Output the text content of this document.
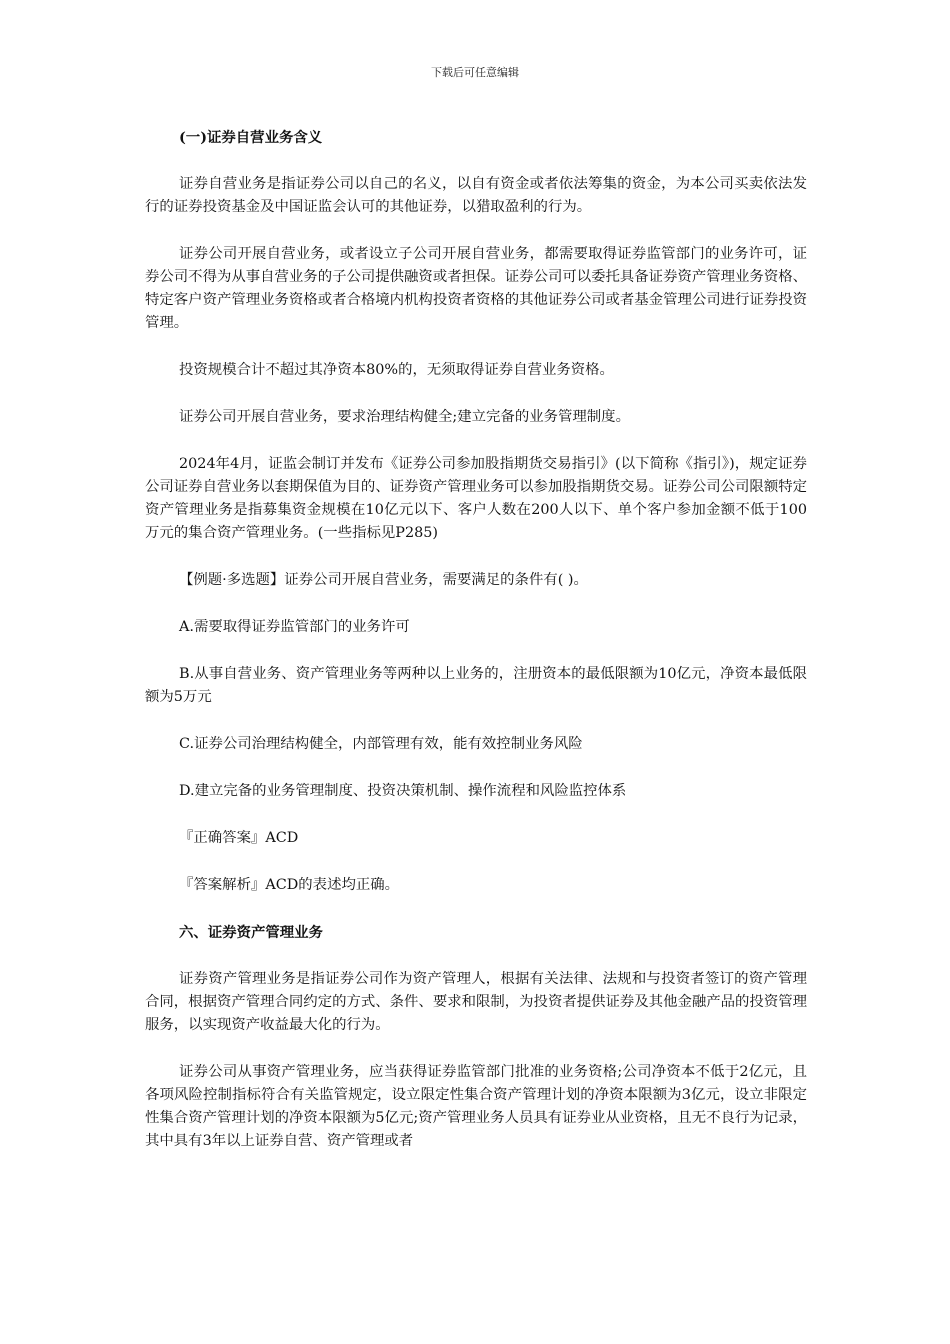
下载后可任意编辑
(一)证券自营业务含义

证券自营业务是指证券公司以自己的名义，以自有资金或者依法筹集的资金，为本公司买卖依法发行的证券投资基金及中国证监会认可的其他证券，以猎取盈利的行为。

证券公司开展自营业务，或者设立子公司开展自营业务，都需要取得证券监管部门的业务许可，证券公司不得为从事自营业务的子公司提供融资或者担保。证券公司可以委托具备证券资产管理业务资格、特定客户资产管理业务资格或者合格境内机构投资者资格的其他证券公司或者基金管理公司进行证券投资管理。

投资规模合计不超过其净资本80%的，无须取得证券自营业务资格。

证券公司开展自营业务，要求治理结构健全;建立完备的业务管理制度。

2024年4月，证监会制订并发布《证券公司参加股指期货交易指引》(以下简称《指引》)，规定证券公司证券自营业务以套期保值为目的、证券资产管理业务可以参加股指期货交易。证券公司公司限额特定资产管理业务是指募集资金规模在10亿元以下、客户人数在200人以下、单个客户参加金额不低于100万元的集合资产管理业务。(一些指标见P285)

【例题·多选题】证券公司开展自营业务，需要满足的条件有( )。

A.需要取得证券监管部门的业务许可

B.从事自营业务、资产管理业务等两种以上业务的，注册资本的最低限额为10亿元，净资本最低限额为5万元

C.证券公司治理结构健全，内部管理有效，能有效控制业务风险

D.建立完备的业务管理制度、投资决策机制、操作流程和风险监控体系

『正确答案』ACD

『答案解析』ACD的表述均正确。

六、证券资产管理业务

证券资产管理业务是指证券公司作为资产管理人，根据有关法律、法规和与投资者签订的资产管理合同，根据资产管理合同约定的方式、条件、要求和限制，为投资者提供证券及其他金融产品的投资管理服务，以实现资产收益最大化的行为。

证券公司从事资产管理业务，应当获得证券监管部门批准的业务资格;公司净资本不低于2亿元，且各项风险控制指标符合有关监管规定，设立限定性集合资产管理计划的净资本限额为3亿元，设立非限定性集合资产管理计划的净资本限额为5亿元;资产管理业务人员具有证券业从业资格，且无不良行为记录，其中具有3年以上证券自营、资产管理或者
